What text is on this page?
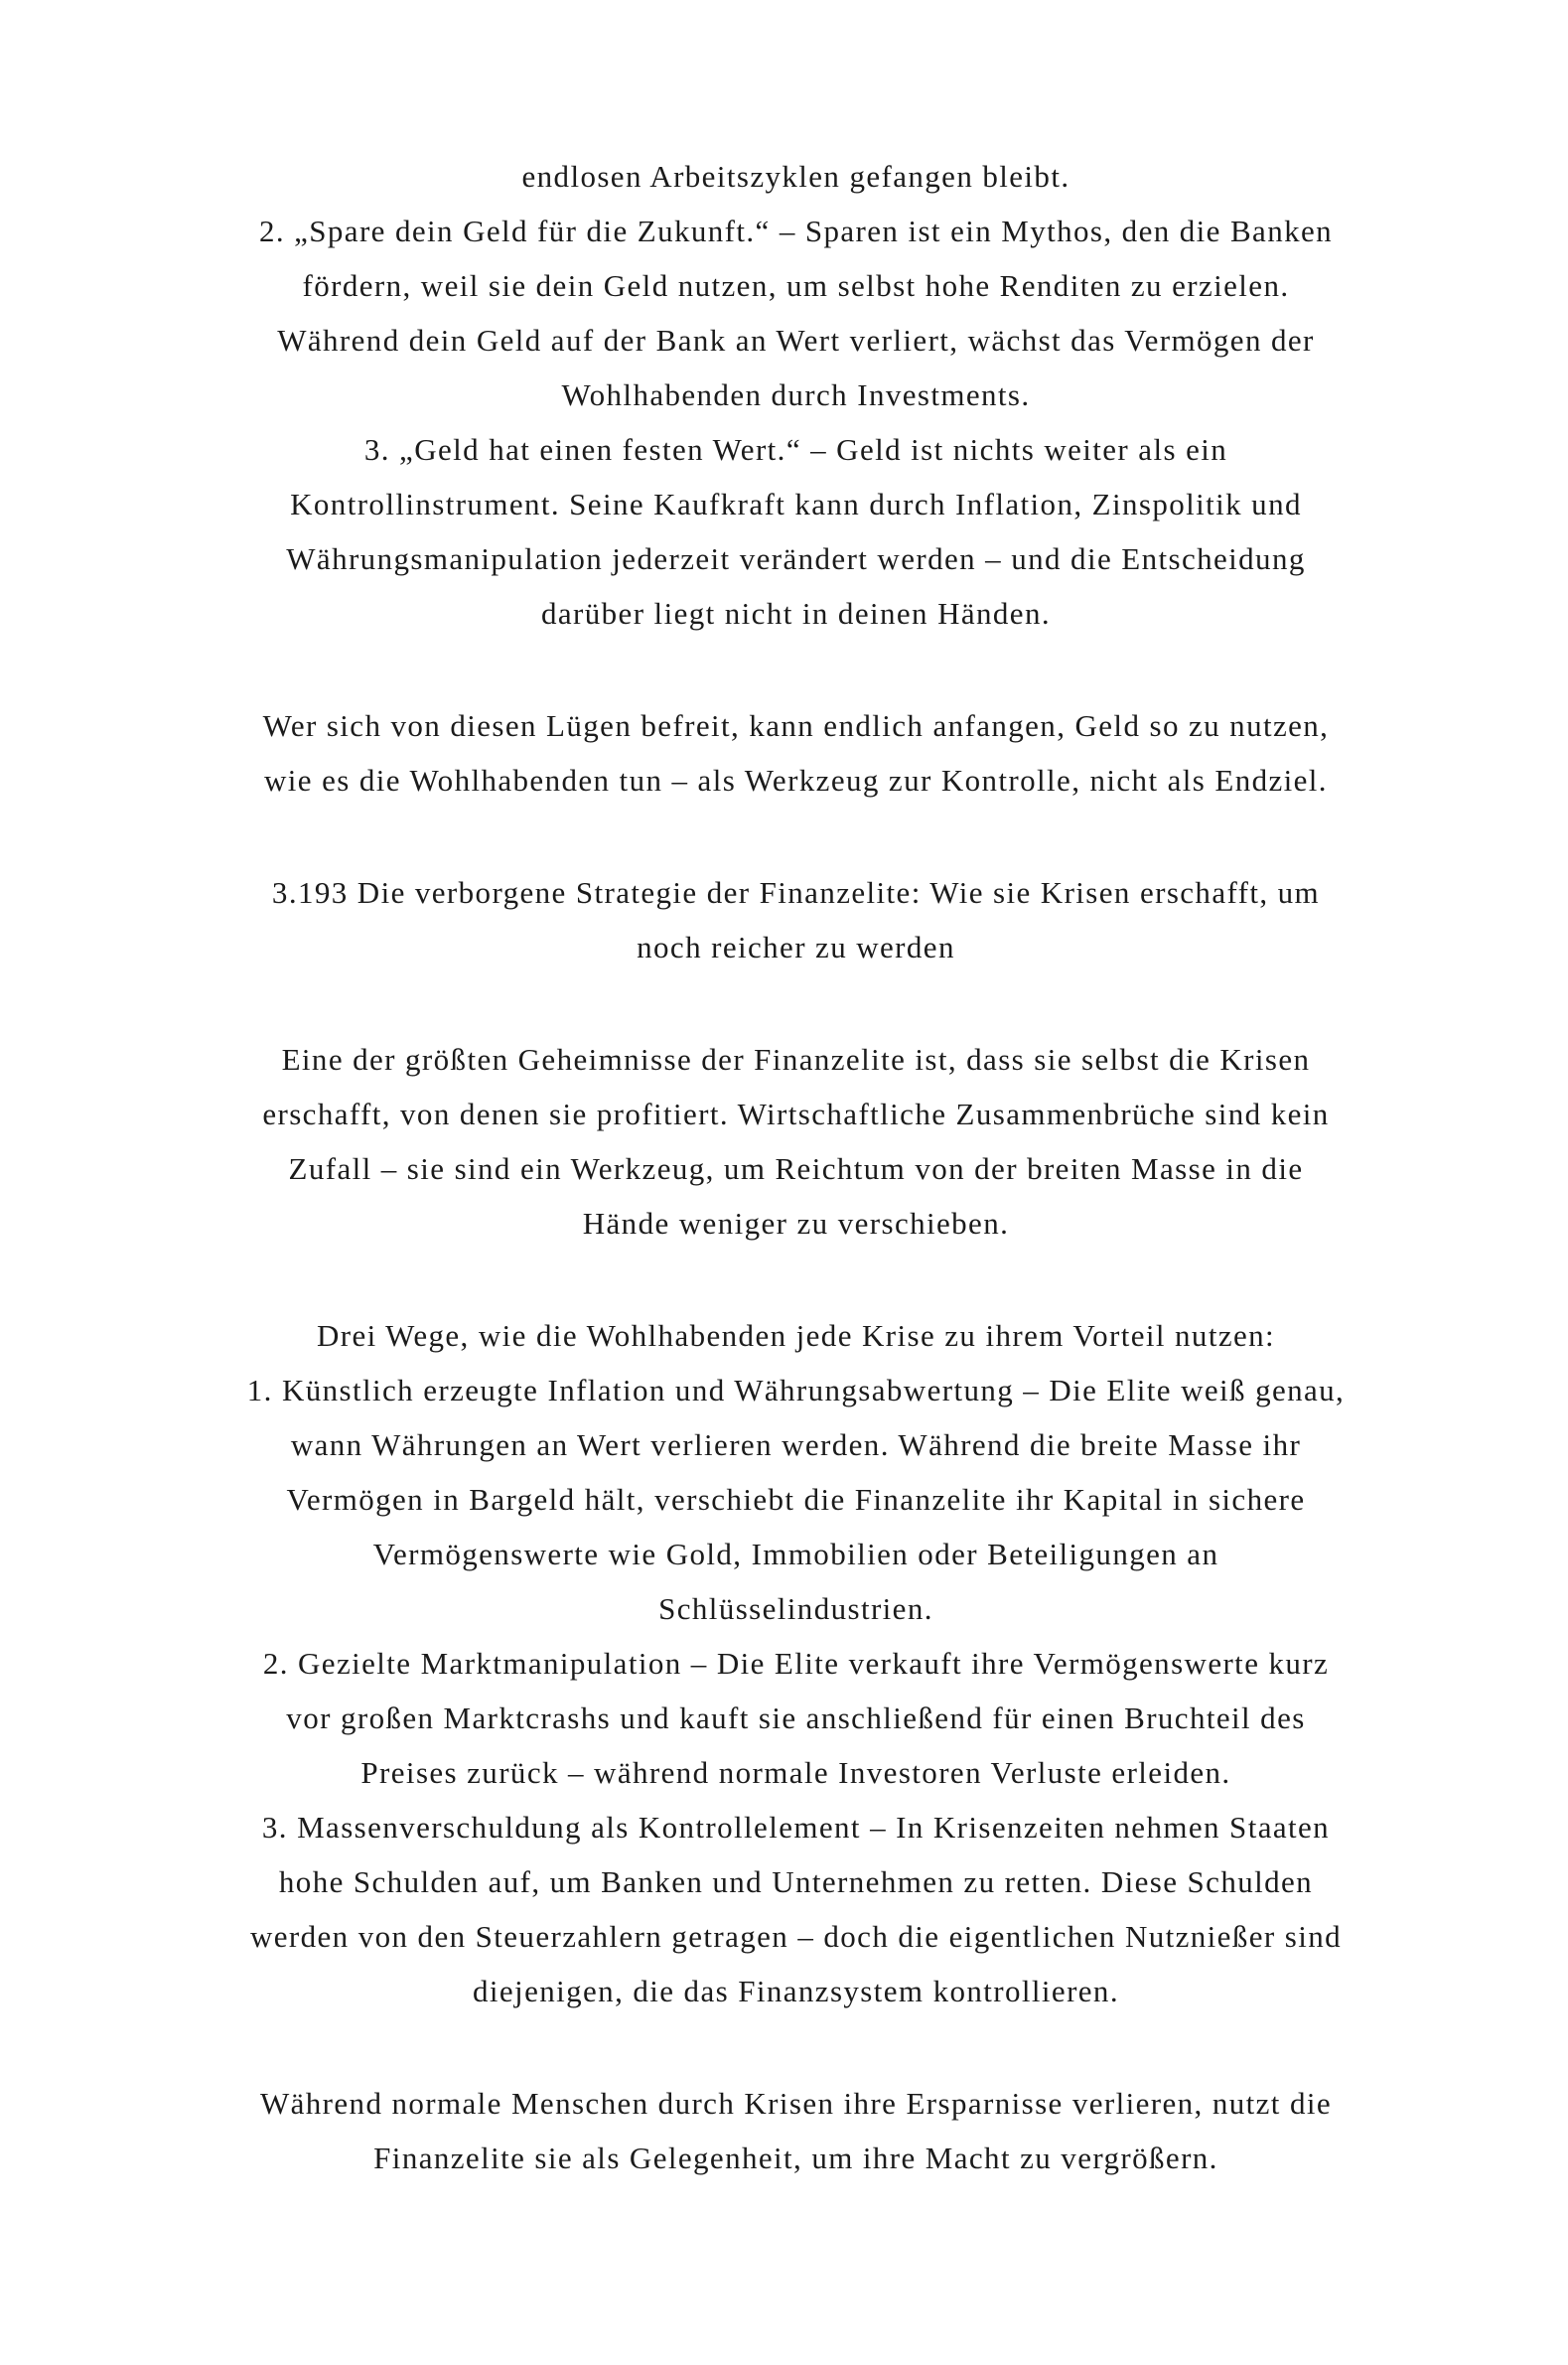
endlosen Arbeitszyklen gefangen bleibt.
2. „Spare dein Geld für die Zukunft.“ – Sparen ist ein Mythos, den die Banken
fördern, weil sie dein Geld nutzen, um selbst hohe Renditen zu erzielen.
Während dein Geld auf der Bank an Wert verliert, wächst das Vermögen der
Wohlhabenden durch Investments.
3. „Geld hat einen festen Wert.“ – Geld ist nichts weiter als ein
Kontrollinstrument. Seine Kaufkraft kann durch Inflation, Zinspolitik und
Währungsmanipulation jederzeit verändert werden – und die Entscheidung
darüber liegt nicht in deinen Händen.
Wer sich von diesen Lügen befreit, kann endlich anfangen, Geld so zu nutzen,
wie es die Wohlhabenden tun – als Werkzeug zur Kontrolle, nicht als Endziel.
3.193 Die verborgene Strategie der Finanzelite: Wie sie Krisen erschafft, um
noch reicher zu werden
Eine der größten Geheimnisse der Finanzelite ist, dass sie selbst die Krisen
erschafft, von denen sie profitiert. Wirtschaftliche Zusammenbrüche sind kein
Zufall – sie sind ein Werkzeug, um Reichtum von der breiten Masse in die
Hände weniger zu verschieben.
Drei Wege, wie die Wohlhabenden jede Krise zu ihrem Vorteil nutzen:
1. Künstlich erzeugte Inflation und Währungsabwertung – Die Elite weiß genau,
wann Währungen an Wert verlieren werden. Während die breite Masse ihr
Vermögen in Bargeld hält, verschiebt die Finanzelite ihr Kapital in sichere
Vermögenswerte wie Gold, Immobilien oder Beteiligungen an
Schlüsselindustrien.
2. Gezielte Marktmanipulation – Die Elite verkauft ihre Vermögenswerte kurz
vor großen Marktcrashs und kauft sie anschließend für einen Bruchteil des
Preises zurück – während normale Investoren Verluste erleiden.
3. Massenverschuldung als Kontrollelement – In Krisenzeiten nehmen Staaten
hohe Schulden auf, um Banken und Unternehmen zu retten. Diese Schulden
werden von den Steuerzahlern getragen – doch die eigentlichen Nutznießer sind
diejenigen, die das Finanzsystem kontrollieren.
Während normale Menschen durch Krisen ihre Ersparnisse verlieren, nutzt die
Finanzelite sie als Gelegenheit, um ihre Macht zu vergrößern.
